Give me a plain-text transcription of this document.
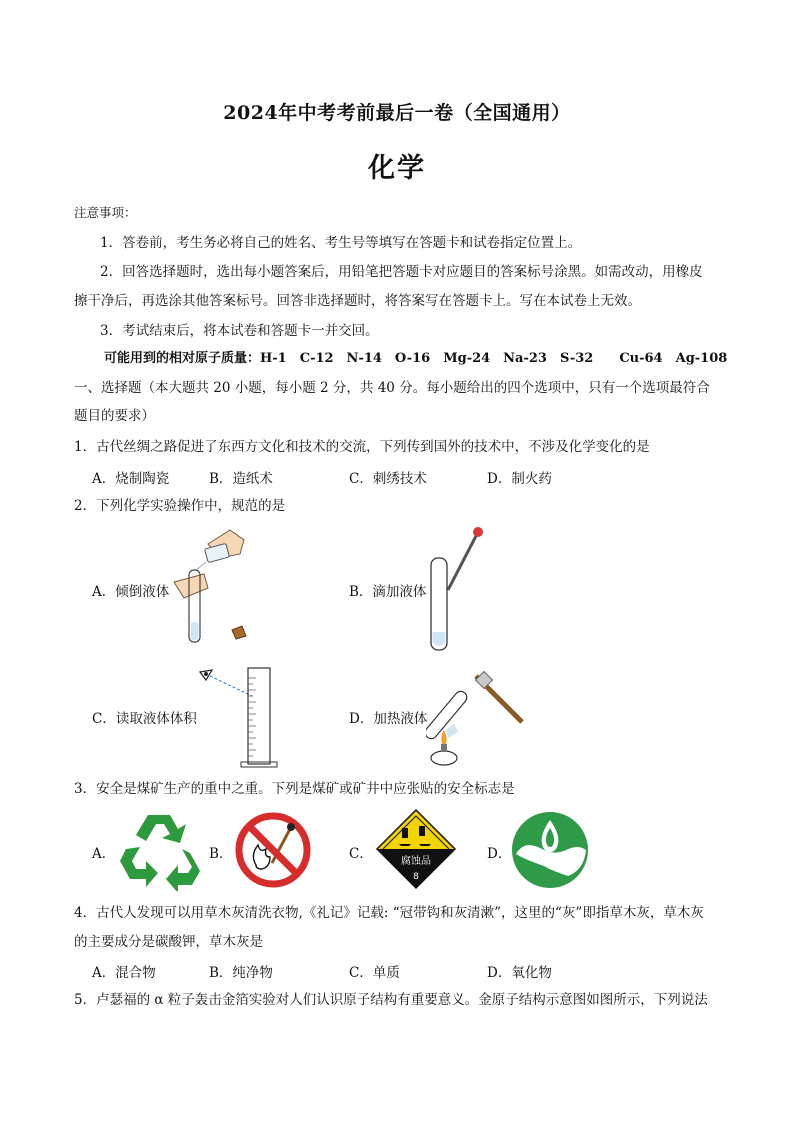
2024年中考考前最后一卷（全国通用）
化学
注意事项：
1．答卷前，考生务必将自己的姓名、考生号等填写在答题卡和试卷指定位置上。
2．回答选择题时，选出每小题答案后，用铅笔把答题卡对应题目的答案标号涂黑。如需改动，用橡皮
擦干净后，再选涂其他答案标号。回答非选择题时，将答案写在答题卡上。写在本试卷上无效。
3．考试结束后，将本试卷和答题卡一并交回。
可能用到的相对原子质量：H-1　C-12　N-14　O-16　Mg-24　Na-23　S-32　　Cu-64　Ag-108
一、选择题（本大题共 20 小题，每小题 2 分，共 40 分。每小题给出的四个选项中，只有一个选项最符合
题目的要求）
1．古代丝绸之路促进了东西方文化和技术的交流，下列传到国外的技术中，不涉及化学变化的是
A．烧制陶瓷	B．造纸术	C．刺绣技术	D．制火药
2．下列化学实验操作中，规范的是
A．倾倒液体	B．滴加液体
C．读取液体体积	D．加热液体
3．安全是煤矿生产的重中之重。下列是煤矿或矿井中应张贴的安全标志是
A．	B．	C．	D．
腐蚀品
8
4．古代人发现可以用草木灰清洗衣物,《礼记》记载: “冠带钩和灰清漱”，这里的“灰”即指草木灰，草木灰
的主要成分是碳酸钾，草木灰是
A．混合物	B．纯净物	C．单质	D．氧化物
5．卢瑟福的 α 粒子轰击金箔实验对人们认识原子结构有重要意义。金原子结构示意图如图所示，下列说法
